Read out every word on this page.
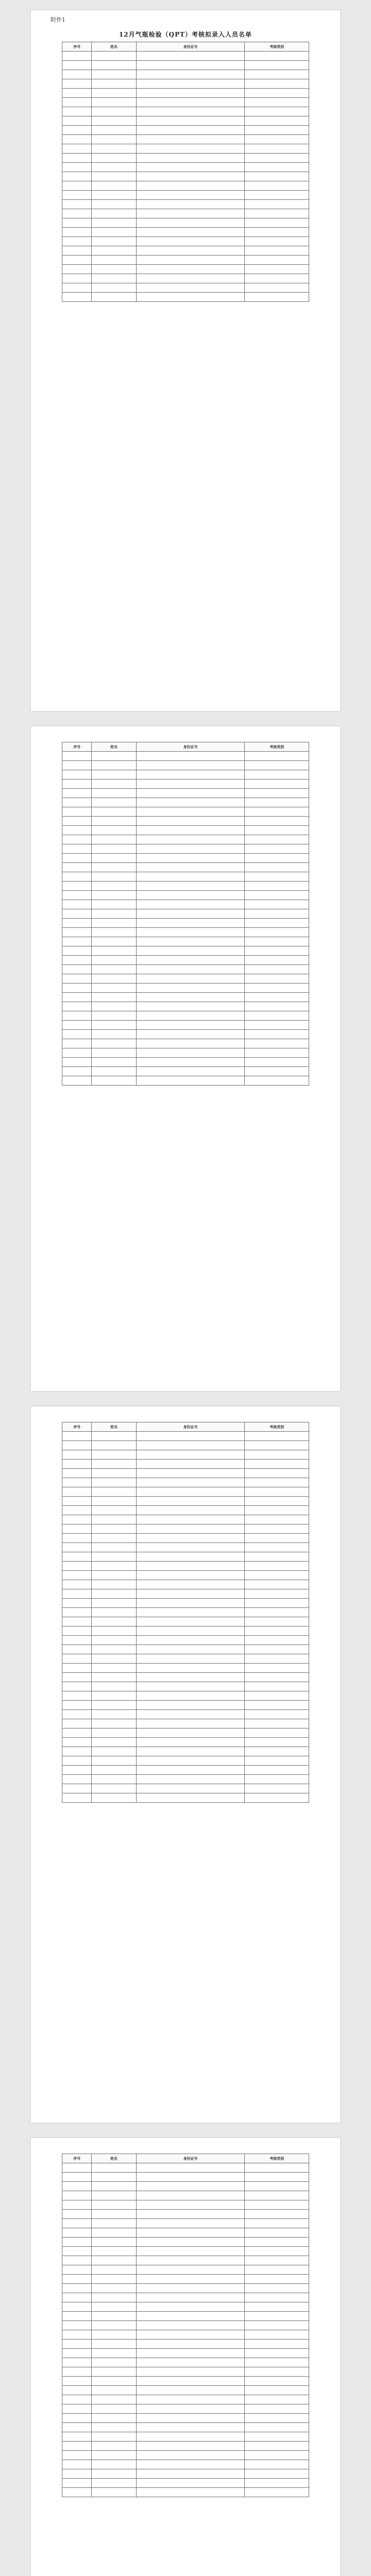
附件1
12月气瓶检验（QPT）考核拟录入人员名单
序号	姓名	身份证号	考核类别

序号	姓名	身份证号	考核类别

序号	姓名	身份证号	考核类别

序号	姓名	身份证号	考核类别
